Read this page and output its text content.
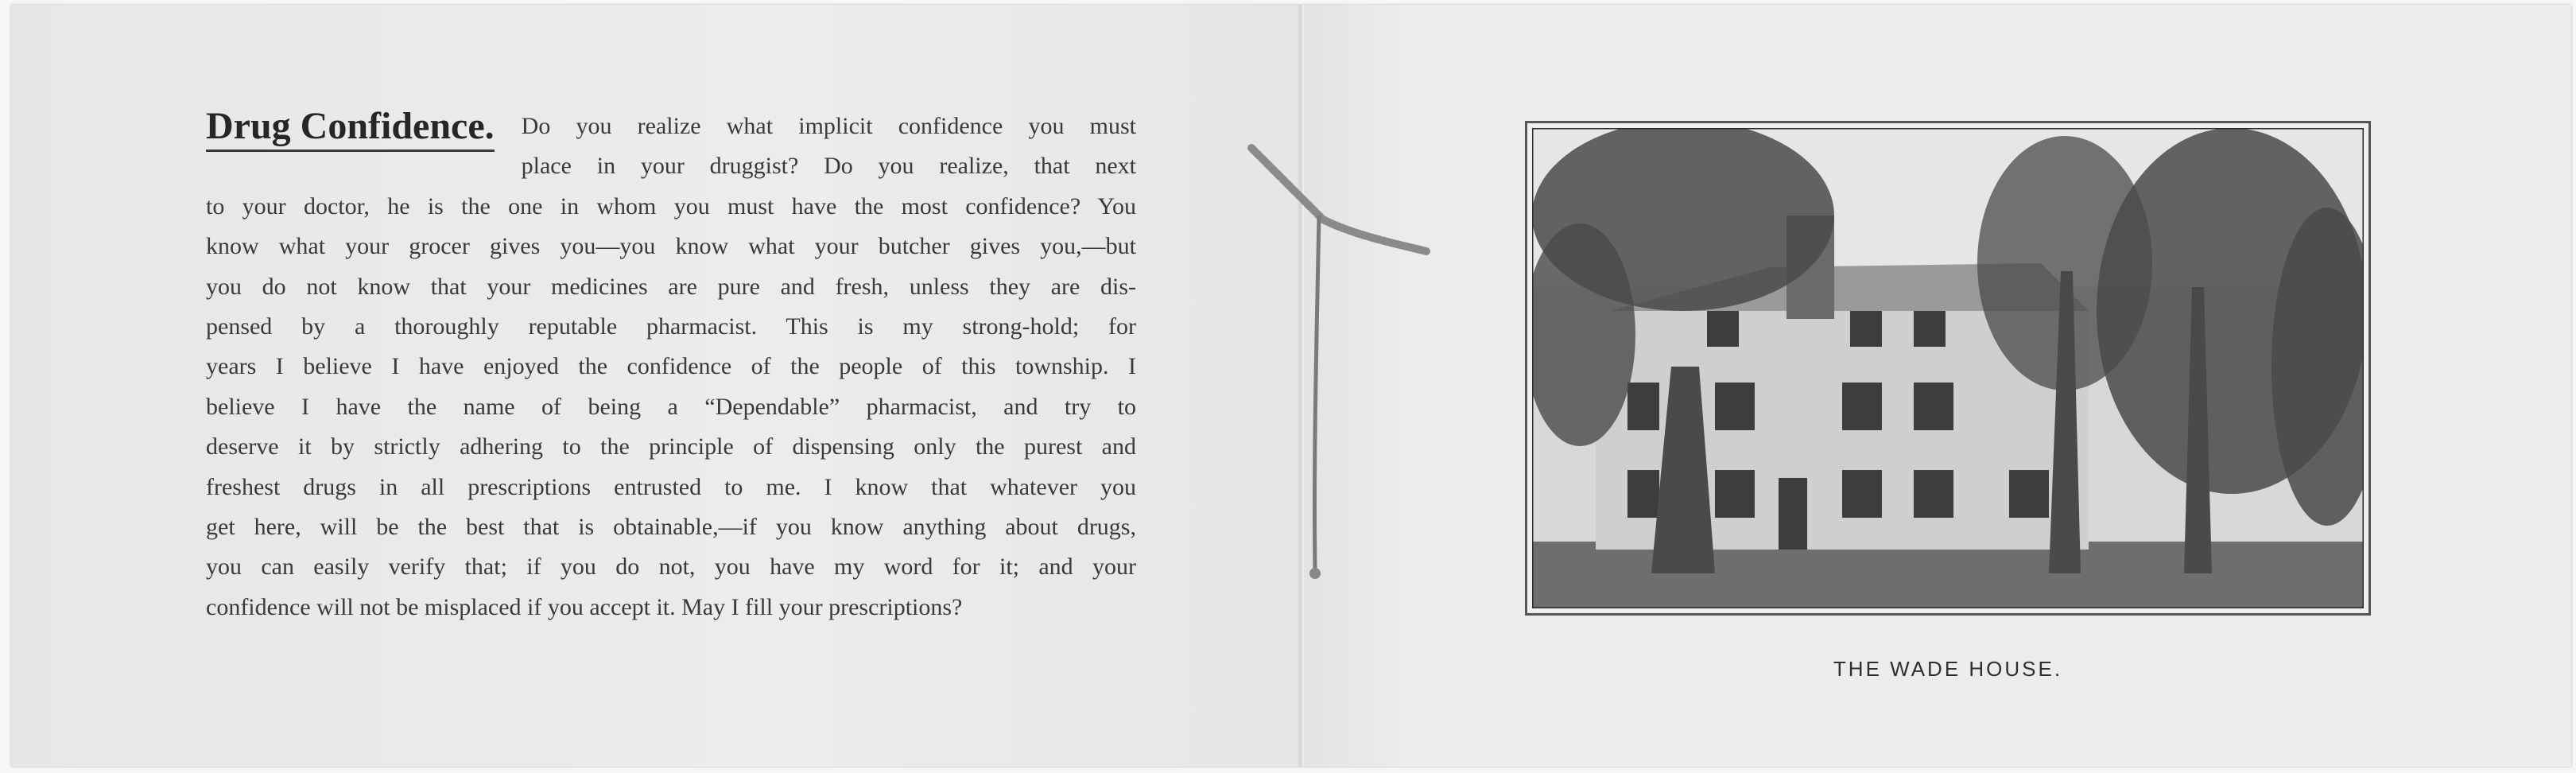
Drug Confidence.	Do you realize what implicit confidence you must
place in your druggist? Do you realize, that next
to your doctor, he is the one in whom you must have the most confidence? You
know what your grocer gives you—you know what your butcher gives you,—but
you do not know that your medicines are pure and fresh, unless they are dis-
pensed by a thoroughly reputable pharmacist. This is my strong-hold; for
years I believe I have enjoyed the confidence of the people of this township. I
believe I have the name of being a “Dependable” pharmacist, and try to
deserve it by strictly adhering to the principle of dispensing only the purest and
freshest drugs in all prescriptions entrusted to me. I know that whatever you
get here, will be the best that is obtainable,—if you know anything about drugs,
you can easily verify that; if you do not, you have my word for it; and your
confidence will not be misplaced if you accept it. May I fill your prescriptions?
THE WADE HOUSE.
